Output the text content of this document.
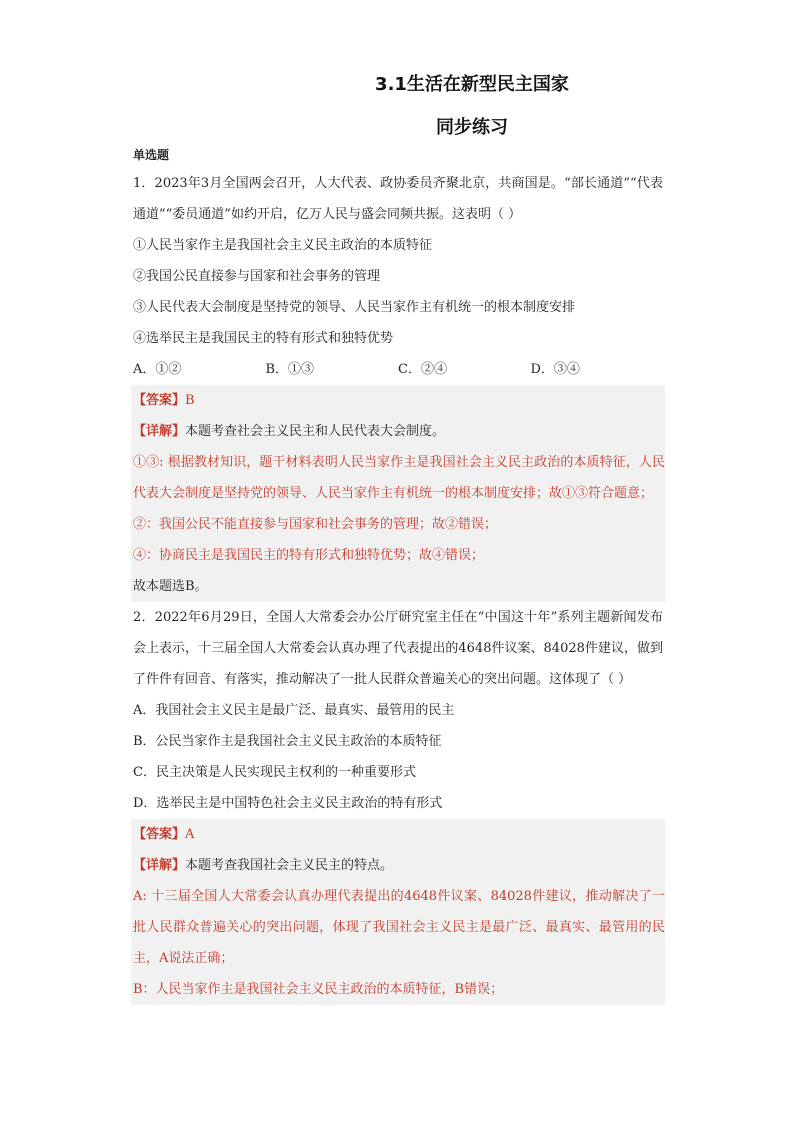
3.1生活在新型民主国家
同步练习
单选题
1．2023年3月全国两会召开，人大代表、政协委员齐聚北京，共商国是。“部长通道”“代表通道”“委员通道”如约开启，亿万人民与盛会同频共振。这表明（ ）
①人民当家作主是我国社会主义民主政治的本质特征
②我国公民直接参与国家和社会事务的管理
③人民代表大会制度是坚持党的领导、人民当家作主有机统一的根本制度安排
④选举民主是我国民主的特有形式和独特优势
A．①②	B．①③	C．②④	D．③④
【答案】B
【详解】本题考查社会主义民主和人民代表大会制度。
①③: 根据教材知识，题干材料表明人民当家作主是我国社会主义民主政治的本质特征，人民代表大会制度是坚持党的领导、人民当家作主有机统一的根本制度安排；故①③符合题意；
②：我国公民不能直接参与国家和社会事务的管理；故②错误；
④：协商民主是我国民主的特有形式和独特优势；故④错误；
故本题选B。
2．2022年6月29日，全国人大常委会办公厅研究室主任在“中国这十年”系列主题新闻发布会上表示，十三届全国人大常委会认真办理了代表提出的4648件议案、84028件建议，做到了件件有回音、有落实，推动解决了一批人民群众普遍关心的突出问题。这体现了（ ）
A．我国社会主义民主是最广泛、最真实、最管用的民主
B．公民当家作主是我国社会主义民主政治的本质特征
C．民主决策是人民实现民主权利的一种重要形式
D．选举民主是中国特色社会主义民主政治的特有形式
【答案】A
【详解】本题考查我国社会主义民主的特点。
A: 十三届全国人大常委会认真办理代表提出的4648件议案、84028件建议，推动解决了一批人民群众普遍关心的突出问题，体现了我国社会主义民主是最广泛、最真实、最管用的民主，A说法正确；
B：人民当家作主是我国社会主义民主政治的本质特征，B错误；
